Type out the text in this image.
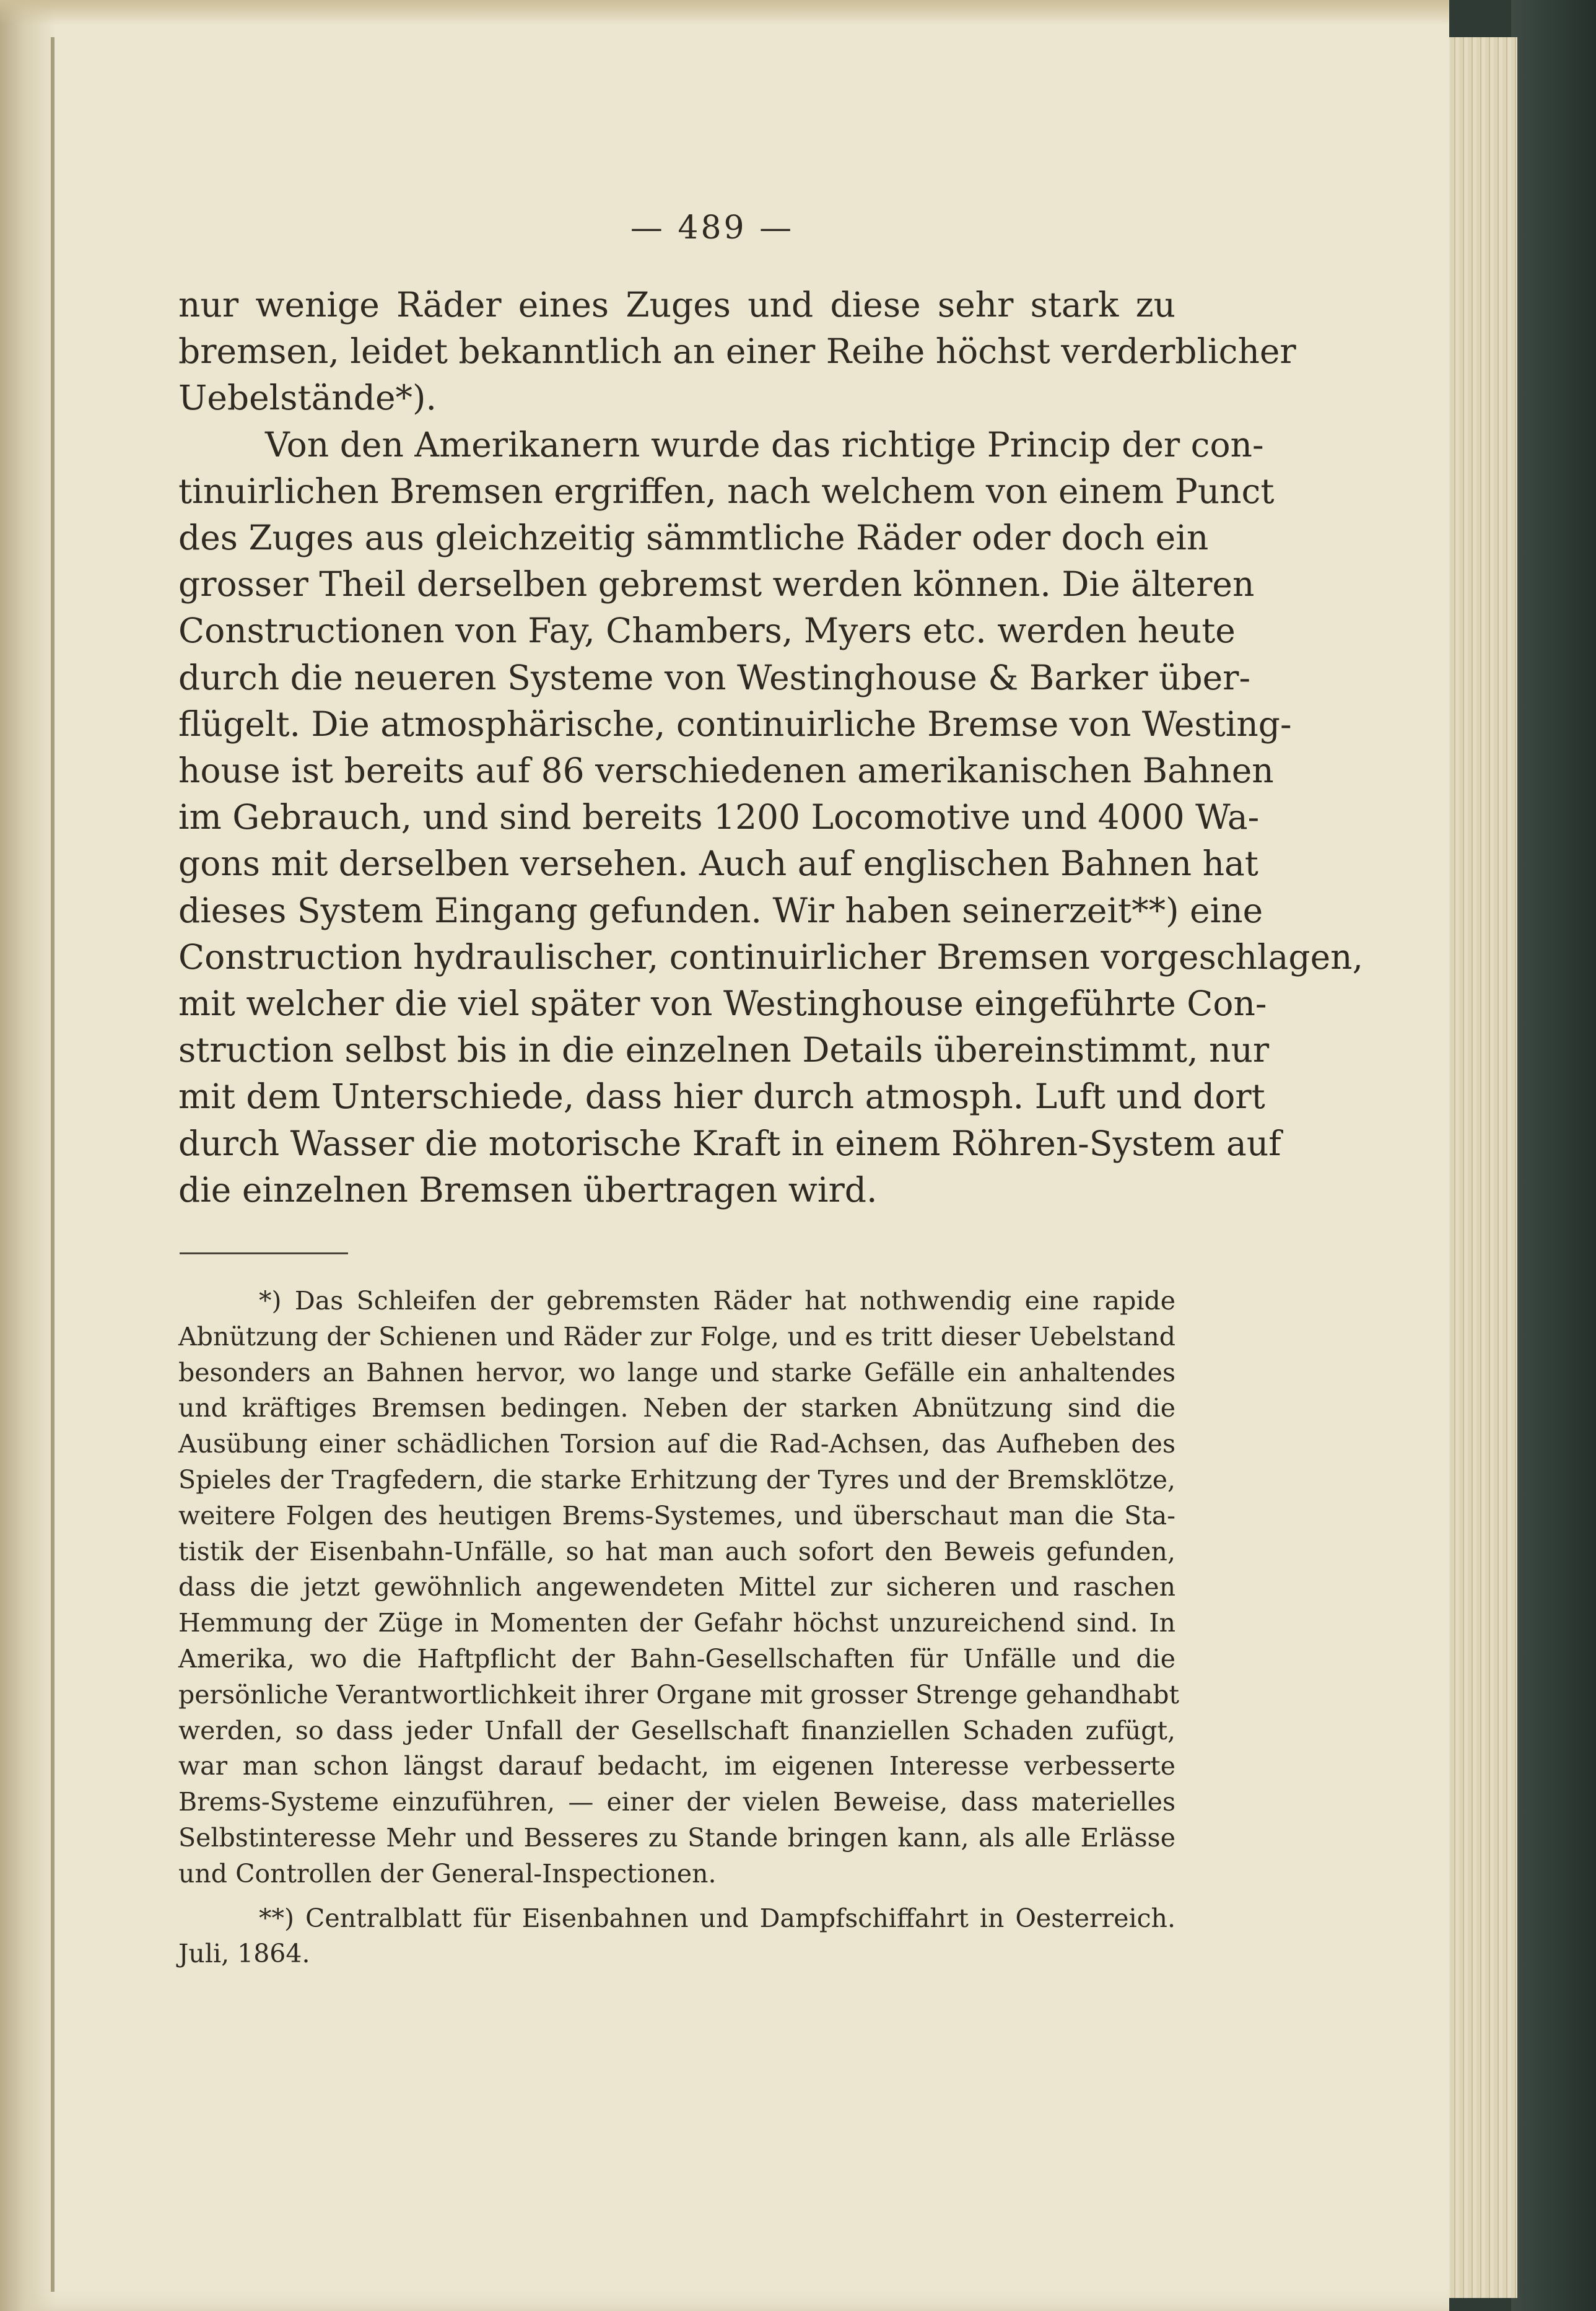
— 489 —
nur wenige Räder eines Zuges und diese sehr stark zu
bremsen, leidet bekanntlich an einer Reihe höchst verderblicher
Uebelstände*).
Von den Amerikanern wurde das richtige Princip der con-
tinuirlichen Bremsen ergriffen, nach welchem von einem Punct
des Zuges aus gleichzeitig sämmtliche Räder oder doch ein
grosser Theil derselben gebremst werden können. Die älteren
Constructionen von Fay, Chambers, Myers etc. werden heute
durch die neueren Systeme von Westinghouse & Barker über-
flügelt. Die atmosphärische, continuirliche Bremse von Westing-
house ist bereits auf 86 verschiedenen amerikanischen Bahnen
im Gebrauch, und sind bereits 1200 Locomotive und 4000 Wa-
gons mit derselben versehen. Auch auf englischen Bahnen hat
dieses System Eingang gefunden. Wir haben seinerzeit**) eine
Construction hydraulischer, continuirlicher Bremsen vorgeschlagen,
mit welcher die viel später von Westinghouse eingeführte Con-
struction selbst bis in die einzelnen Details übereinstimmt, nur
mit dem Unterschiede, dass hier durch atmosph. Luft und dort
durch Wasser die motorische Kraft in einem Röhren-System auf
die einzelnen Bremsen übertragen wird.
*) Das Schleifen der gebremsten Räder hat nothwendig eine rapide
Abnützung der Schienen und Räder zur Folge, und es tritt dieser Uebelstand
besonders an Bahnen hervor, wo lange und starke Gefälle ein anhaltendes
und kräftiges Bremsen bedingen. Neben der starken Abnützung sind die
Ausübung einer schädlichen Torsion auf die Rad-Achsen, das Aufheben des
Spieles der Tragfedern, die starke Erhitzung der Tyres und der Bremsklötze,
weitere Folgen des heutigen Brems-Systemes, und überschaut man die Sta-
tistik der Eisenbahn-Unfälle, so hat man auch sofort den Beweis gefunden,
dass die jetzt gewöhnlich angewendeten Mittel zur sicheren und raschen
Hemmung der Züge in Momenten der Gefahr höchst unzureichend sind. In
Amerika, wo die Haftpflicht der Bahn-Gesellschaften für Unfälle und die
persönliche Verantwortlichkeit ihrer Organe mit grosser Strenge gehandhabt
werden, so dass jeder Unfall der Gesellschaft finanziellen Schaden zufügt,
war man schon längst darauf bedacht, im eigenen Interesse verbesserte
Brems-Systeme einzuführen, — einer der vielen Beweise, dass materielles
Selbstinteresse Mehr und Besseres zu Stande bringen kann, als alle Erlässe
und Controllen der General-Inspectionen.
**) Centralblatt für Eisenbahnen und Dampfschiffahrt in Oesterreich.
Juli, 1864.
